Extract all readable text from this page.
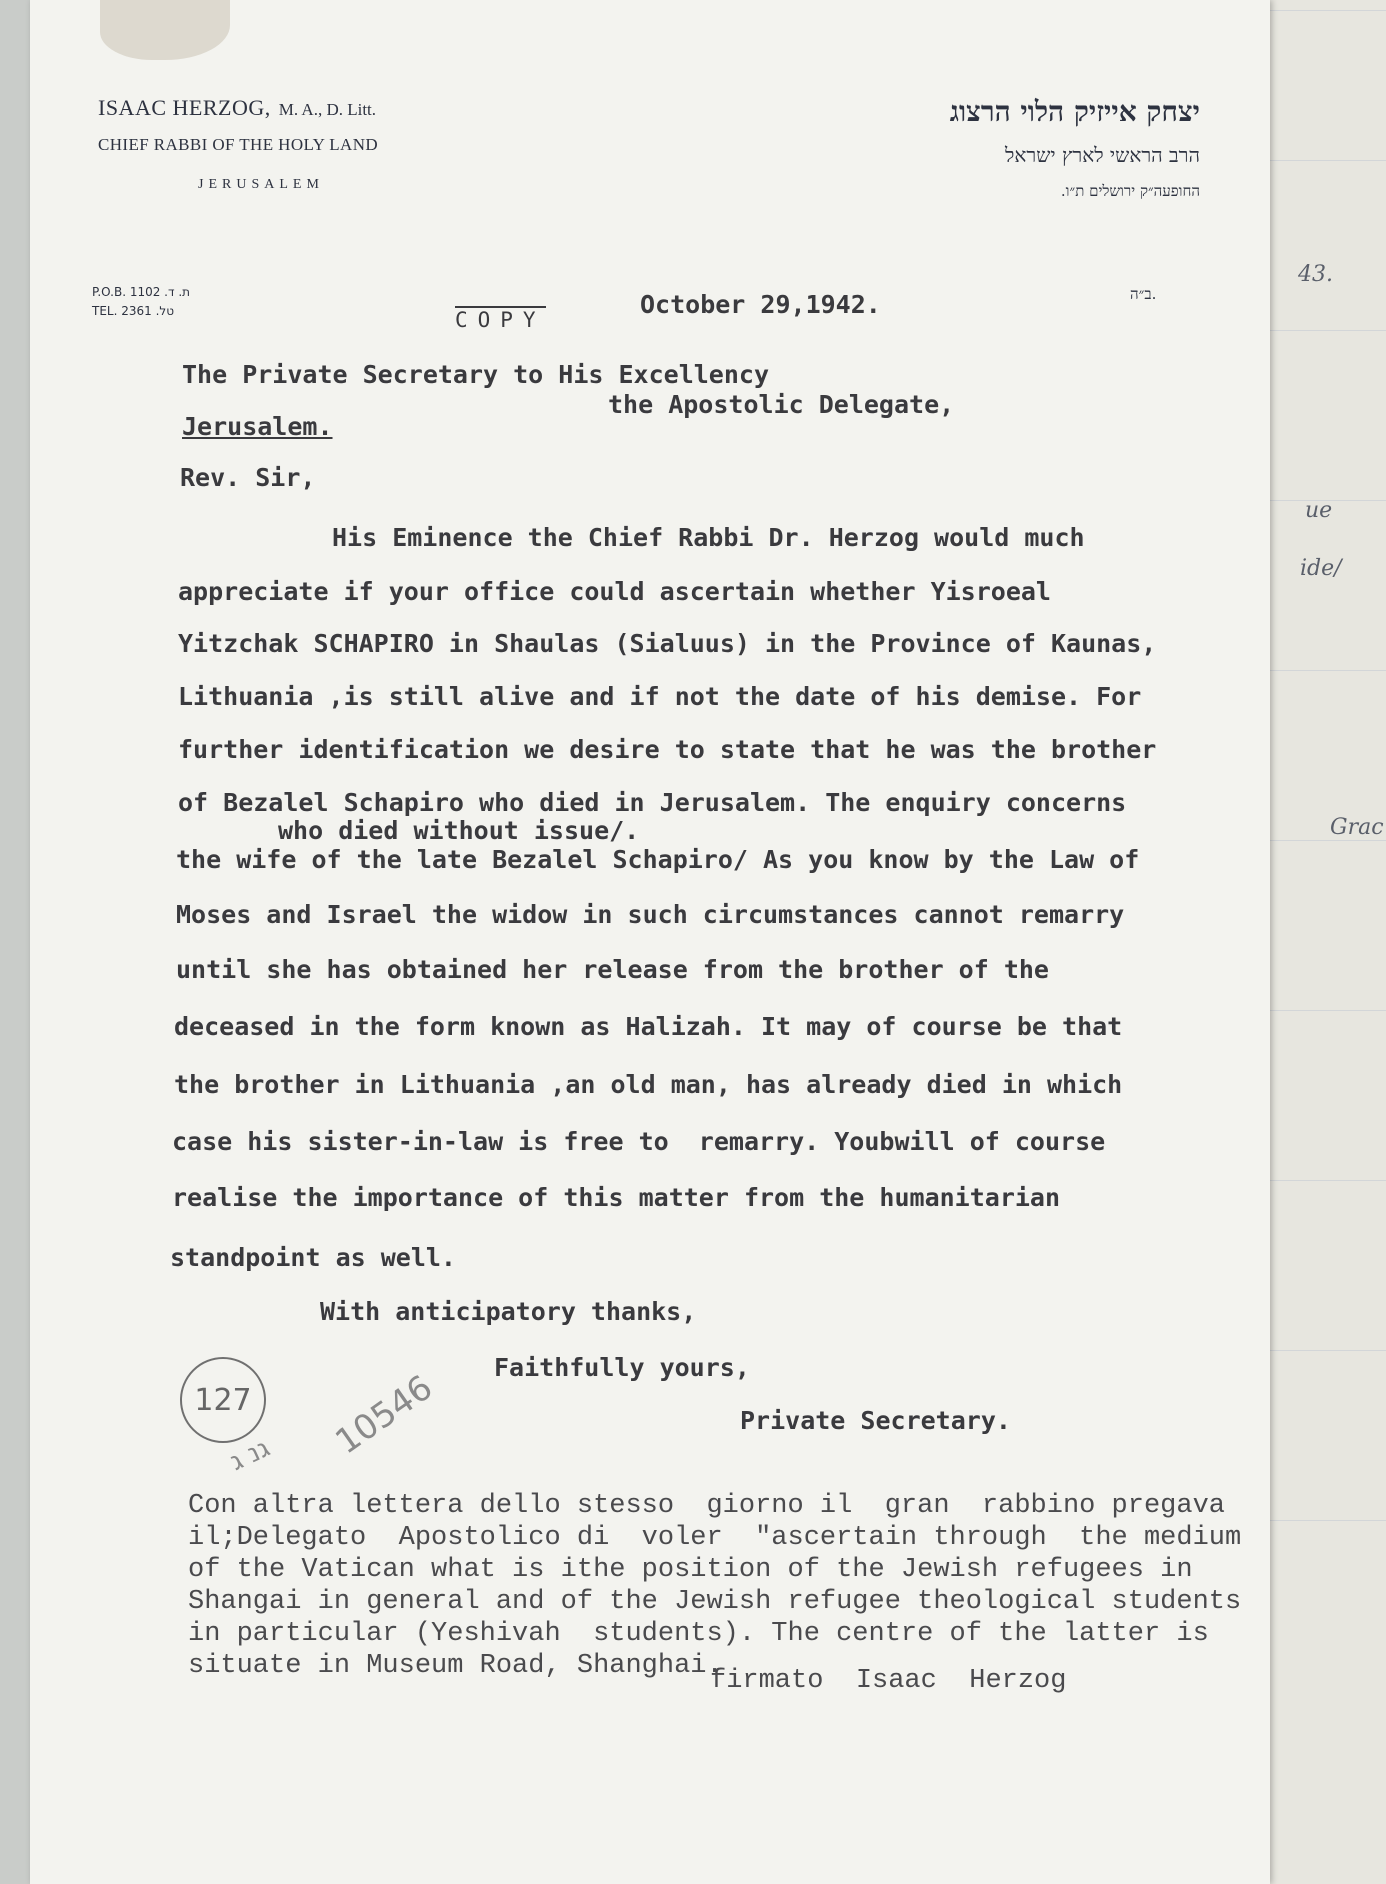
43.
ue
ide/
Grac
ISAAC HERZOG, M. A., D. Litt.
CHIEF RABBI OF THE HOLY LAND
JERUSALEM
יצחק אייזיק הלוי הרצוג
הרב הראשי לארץ ישראל
החופעה״ק ירושלים ת״ו.
P.O.B. 1102 .ת. ד
TEL. 2361 .טל
ב״ה.
COPY
October 29,1942.
The Private Secretary to His Excellency
the Apostolic Delegate,
Jerusalem.
Rev. Sir,
His Eminence the Chief Rabbi Dr. Herzog would much
appreciate if your office could ascertain whether Yisroeal
Yitzchak SCHAPIRO in Shaulas (Sialuus) in the Province of Kaunas,
Lithuania ,is still alive and if not the date of his demise. For
further identification we desire to state that he was the brother
of Bezalel Schapiro who died in Jerusalem. The enquiry concerns
who died without issue/.
the wife of the late Bezalel Schapiro/ As you know by the Law of
Moses and Israel the widow in such circumstances cannot remarry
until she has obtained her release from the brother of the
deceased in the form known as Halizah. It may of course be that
the brother in Lithuania ,an old man, has already died in which
case his sister-in-law is free to  remarry. Youbwill of course
realise the importance of this matter from the humanitarian
standpoint as well.
With anticipatory thanks,
Faithfully yours,
Private Secretary.
127	10546
גנ ג
Con altra lettera dello stesso  giorno il  gran  rabbino pregava
il;Delegato  Apostolico di  voler  "ascertain through  the medium
of the Vatican what is ithe position of the Jewish refugees in
Shangai in general and of the Jewish refugee theological students
in particular (Yeshivah  students). The centre of the latter is
situate in Museum Road, Shanghai.
firmato  Isaac  Herzog
